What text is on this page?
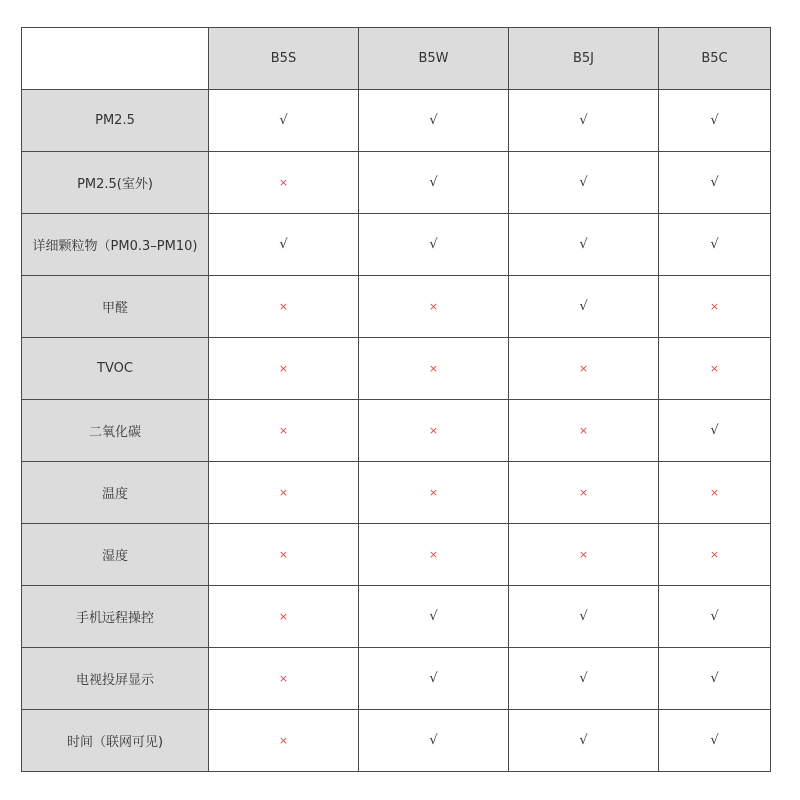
	B5S	B5W	B5J	B5C
PM2.5	√	√	√	√
PM2.5(室外)	×	√	√	√
详细颗粒物（PM0.3–PM10)	√	√	√	√
甲醛	×	×	√	×
TVOC	×	×	×	×
二氧化碳	×	×	×	√
温度	×	×	×	×
湿度	×	×	×	×
手机远程操控	×	√	√	√
电视投屏显示	×	√	√	√
时间（联网可见)	×	√	√	√
